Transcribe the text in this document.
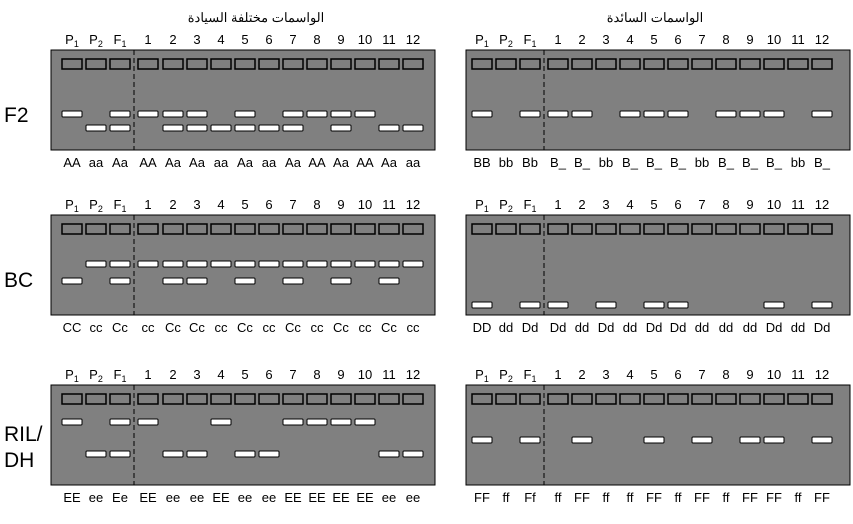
الواسمات مختلفة السيادة	الواسمات السائدة
F2
$P_1$ $P_2$ $F_1$ 1 2 3 4 5 6 7 8 9 10 11 12
AA aa Aa AA Aa Aa aa Aa aa Aa AA Aa AA Aa aa
$P_1$ $P_2$ $F_1$ 1 2 3 4 5 6 7 8 9 10 11 12
BB bb Bb B_ B_ bb B_ B_ B_ bb B_ B_ B_ bb B_
BC
$P_1$ $P_2$ $F_1$ 1 2 3 4 5 6 7 8 9 10 11 12
CC cc Cc cc Cc Cc cc Cc cc Cc cc Cc cc Cc cc
$P_1$ $P_2$ $F_1$ 1 2 3 4 5 6 7 8 9 10 11 12
DD dd Dd Dd dd Dd dd Dd Dd dd dd dd Dd dd Dd
RIL/
DH
$P_1$ $P_2$ $F_1$ 1 2 3 4 5 6 7 8 9 10 11 12
EE ee Ee EE ee ee EE ee ee EE EE EE EE ee ee
$P_1$ $P_2$ $F_1$ 1 2 3 4 5 6 7 8 9 10 11 12
FF ff Ff ff FF ff ff FF ff FF ff FF FF ff FF
